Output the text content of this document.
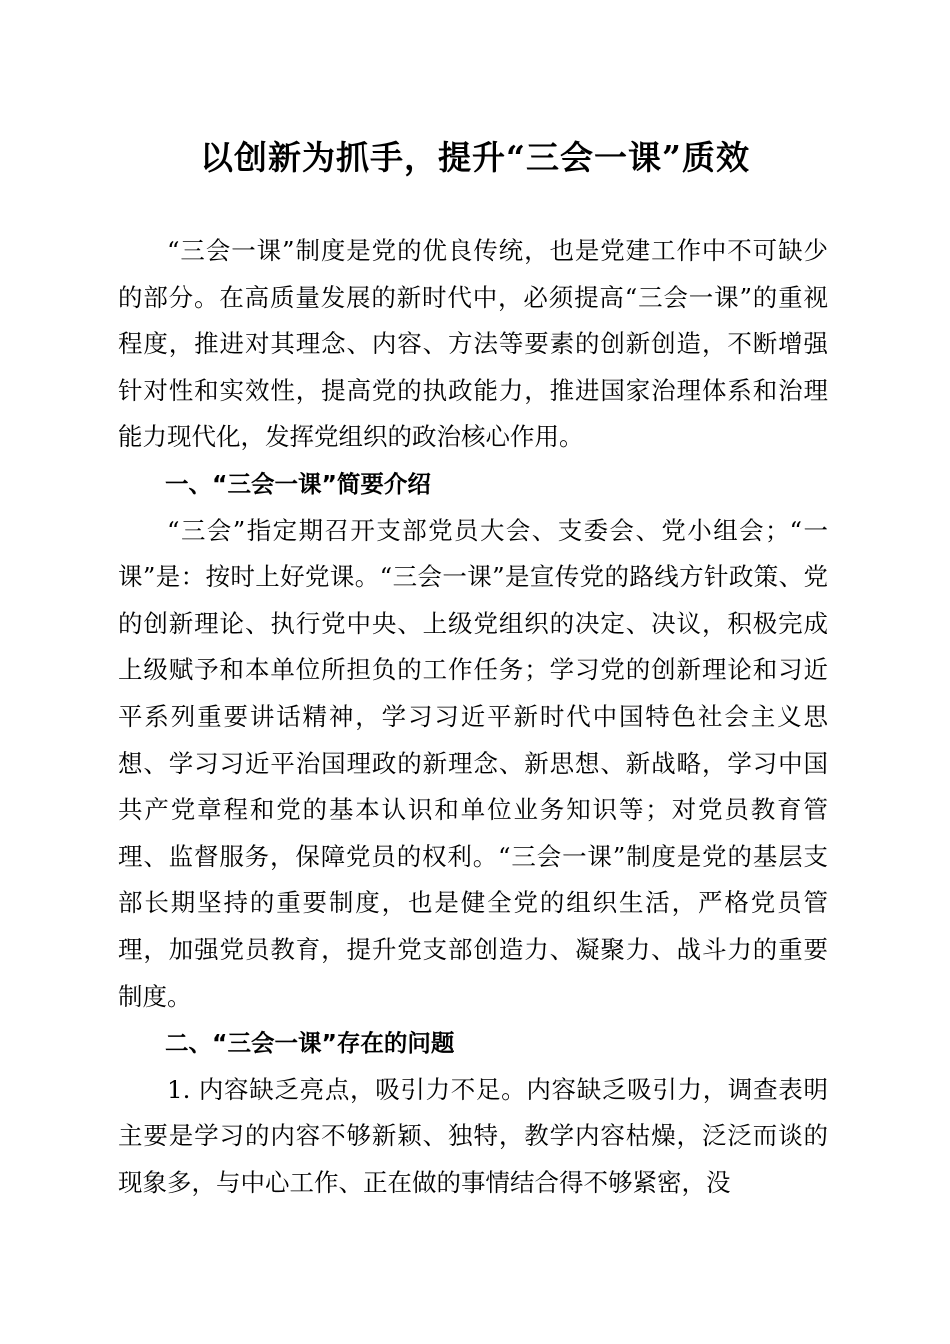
以创新为抓手，提升“三会一课”质效

“三会一课”制度是党的优良传统，也是党建工作中不可缺少的部分。在高质量发展的新时代中，必须提高“三会一课”的重视程度，推进对其理念、内容、方法等要素的创新创造，不断增强针对性和实效性，提高党的执政能力，推进国家治理体系和治理能力现代化，发挥党组织的政治核心作用。

一、“三会一课”简要介绍

“三会”指定期召开支部党员大会、支委会、党小组会；“一课”是：按时上好党课。“三会一课”是宣传党的路线方针政策、党的创新理论、执行党中央、上级党组织的决定、决议，积极完成上级赋予和本单位所担负的工作任务；学习党的创新理论和习近平系列重要讲话精神，学习习近平新时代中国特色社会主义思想、学习习近平治国理政的新理念、新思想、新战略，学习中国共产党章程和党的基本认识和单位业务知识等；对党员教育管理、监督服务，保障党员的权利。“三会一课”制度是党的基层支部长期坚持的重要制度，也是健全党的组织生活，严格党员管理，加强党员教育，提升党支部创造力、凝聚力、战斗力的重要制度。

二、“三会一课”存在的问题

1. 内容缺乏亮点，吸引力不足。内容缺乏吸引力，调查表明主要是学习的内容不够新颖、独特，教学内容枯燥，泛泛而谈的现象多，与中心工作、正在做的事情结合得不够紧密，没
